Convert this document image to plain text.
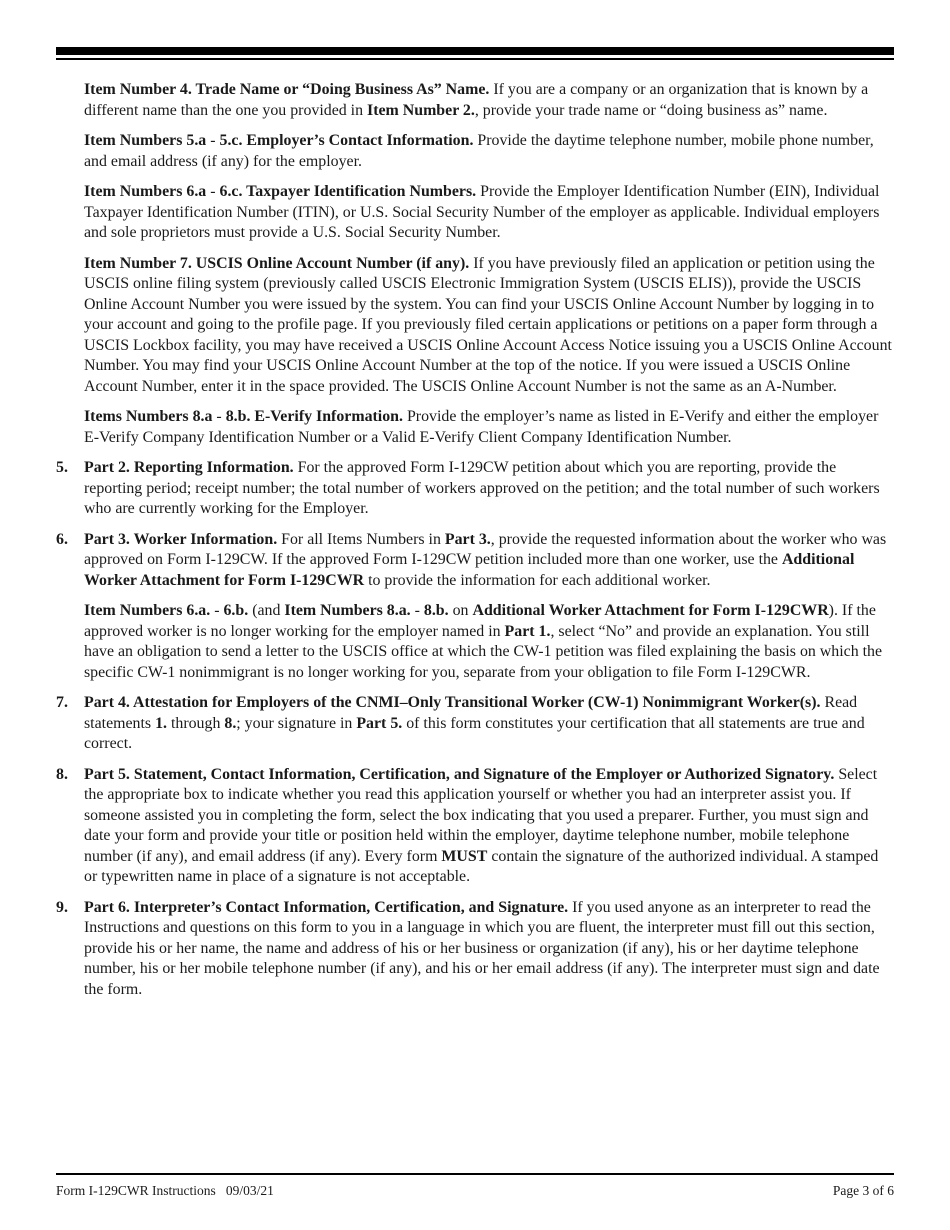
Item Number 4. Trade Name or “Doing Business As” Name. If you are a company or an organization that is known by a different name than the one you provided in Item Number 2., provide your trade name or “doing business as” name.

Item Numbers 5.a - 5.c. Employer’s Contact Information. Provide the daytime telephone number, mobile phone number, and email address (if any) for the employer.

Item Numbers 6.a - 6.c. Taxpayer Identification Numbers. Provide the Employer Identification Number (EIN), Individual Taxpayer Identification Number (ITIN), or U.S. Social Security Number of the employer as applicable. Individual employers and sole proprietors must provide a U.S. Social Security Number.

Item Number 7. USCIS Online Account Number (if any). If you have previously filed an application or petition using the USCIS online filing system (previously called USCIS Electronic Immigration System (USCIS ELIS)), provide the USCIS Online Account Number you were issued by the system. You can find your USCIS Online Account Number by logging in to your account and going to the profile page. If you previously filed certain applications or petitions on a paper form through a USCIS Lockbox facility, you may have received a USCIS Online Account Access Notice issuing you a USCIS Online Account Number. You may find your USCIS Online Account Number at the top of the notice. If you were issued a USCIS Online Account Number, enter it in the space provided. The USCIS Online Account Number is not the same as an A-Number.

Items Numbers 8.a - 8.b. E-Verify Information. Provide the employer’s name as listed in E-Verify and either the employer E-Verify Company Identification Number or a Valid E-Verify Client Company Identification Number.

5. Part 2. Reporting Information. For the approved Form I-129CW petition about which you are reporting, provide the reporting period; receipt number; the total number of workers approved on the petition; and the total number of such workers who are currently working for the Employer.

6. Part 3. Worker Information. For all Items Numbers in Part 3., provide the requested information about the worker who was approved on Form I-129CW. If the approved Form I-129CW petition included more than one worker, use the Additional Worker Attachment for Form I-129CWR to provide the information for each additional worker.

Item Numbers 6.a. - 6.b. (and Item Numbers 8.a. - 8.b. on Additional Worker Attachment for Form I-129CWR). If the approved worker is no longer working for the employer named in Part 1., select “No” and provide an explanation. You still have an obligation to send a letter to the USCIS office at which the CW-1 petition was filed explaining the basis on which the specific CW-1 nonimmigrant is no longer working for you, separate from your obligation to file Form I-129CWR.

7. Part 4. Attestation for Employers of the CNMI–Only Transitional Worker (CW-1) Nonimmigrant Worker(s). Read statements 1. through 8.; your signature in Part 5. of this form constitutes your certification that all statements are true and correct.

8. Part 5. Statement, Contact Information, Certification, and Signature of the Employer or Authorized Signatory. Select the appropriate box to indicate whether you read this application yourself or whether you had an interpreter assist you. If someone assisted you in completing the form, select the box indicating that you used a preparer. Further, you must sign and date your form and provide your title or position held within the employer, daytime telephone number, mobile telephone number (if any), and email address (if any). Every form MUST contain the signature of the authorized individual. A stamped or typewritten name in place of a signature is not acceptable.

9. Part 6. Interpreter’s Contact Information, Certification, and Signature. If you used anyone as an interpreter to read the Instructions and questions on this form to you in a language in which you are fluent, the interpreter must fill out this section, provide his or her name, the name and address of his or her business or organization (if any), his or her daytime telephone number, his or her mobile telephone number (if any), and his or her email address (if any). The interpreter must sign and date the form.

Form I-129CWR Instructions 09/03/21	Page 3 of 6
